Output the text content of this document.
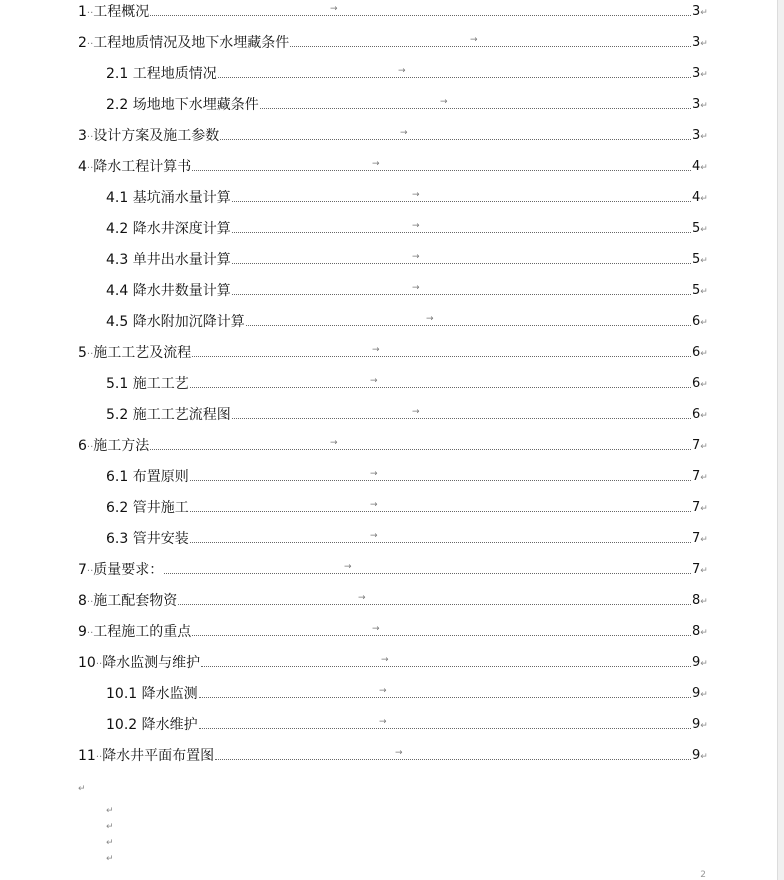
1··工程概况	→	3↵
2··工程地质情况及地下水埋藏条件	→	3↵
2.1 工程地质情况	→	3↵
2.2 场地地下水埋藏条件	→	3↵
3··设计方案及施工参数	→	3↵
4··降水工程计算书	→	4↵
4.1 基坑涌水量计算	→	4↵
4.2 降水井深度计算	→	5↵
4.3 单井出水量计算	→	5↵
4.4 降水井数量计算	→	5↵
4.5 降水附加沉降计算	→	6↵
5··施工工艺及流程	→	6↵
5.1 施工工艺	→	6↵
5.2 施工工艺流程图	→	6↵
6··施工方法	→	7↵
6.1 布置原则	→	7↵
6.2 管井施工	→	7↵
6.3 管井安装	→	7↵
7··质量要求：	→	7↵
8··施工配套物资	→	8↵
9··工程施工的重点	→	8↵
10··降水监测与维护	→	9↵
10.1 降水监测	→	9↵
10.2 降水维护	→	9↵
11··降水井平面布置图	→	9↵
↵
↵
↵
↵
↵
2
